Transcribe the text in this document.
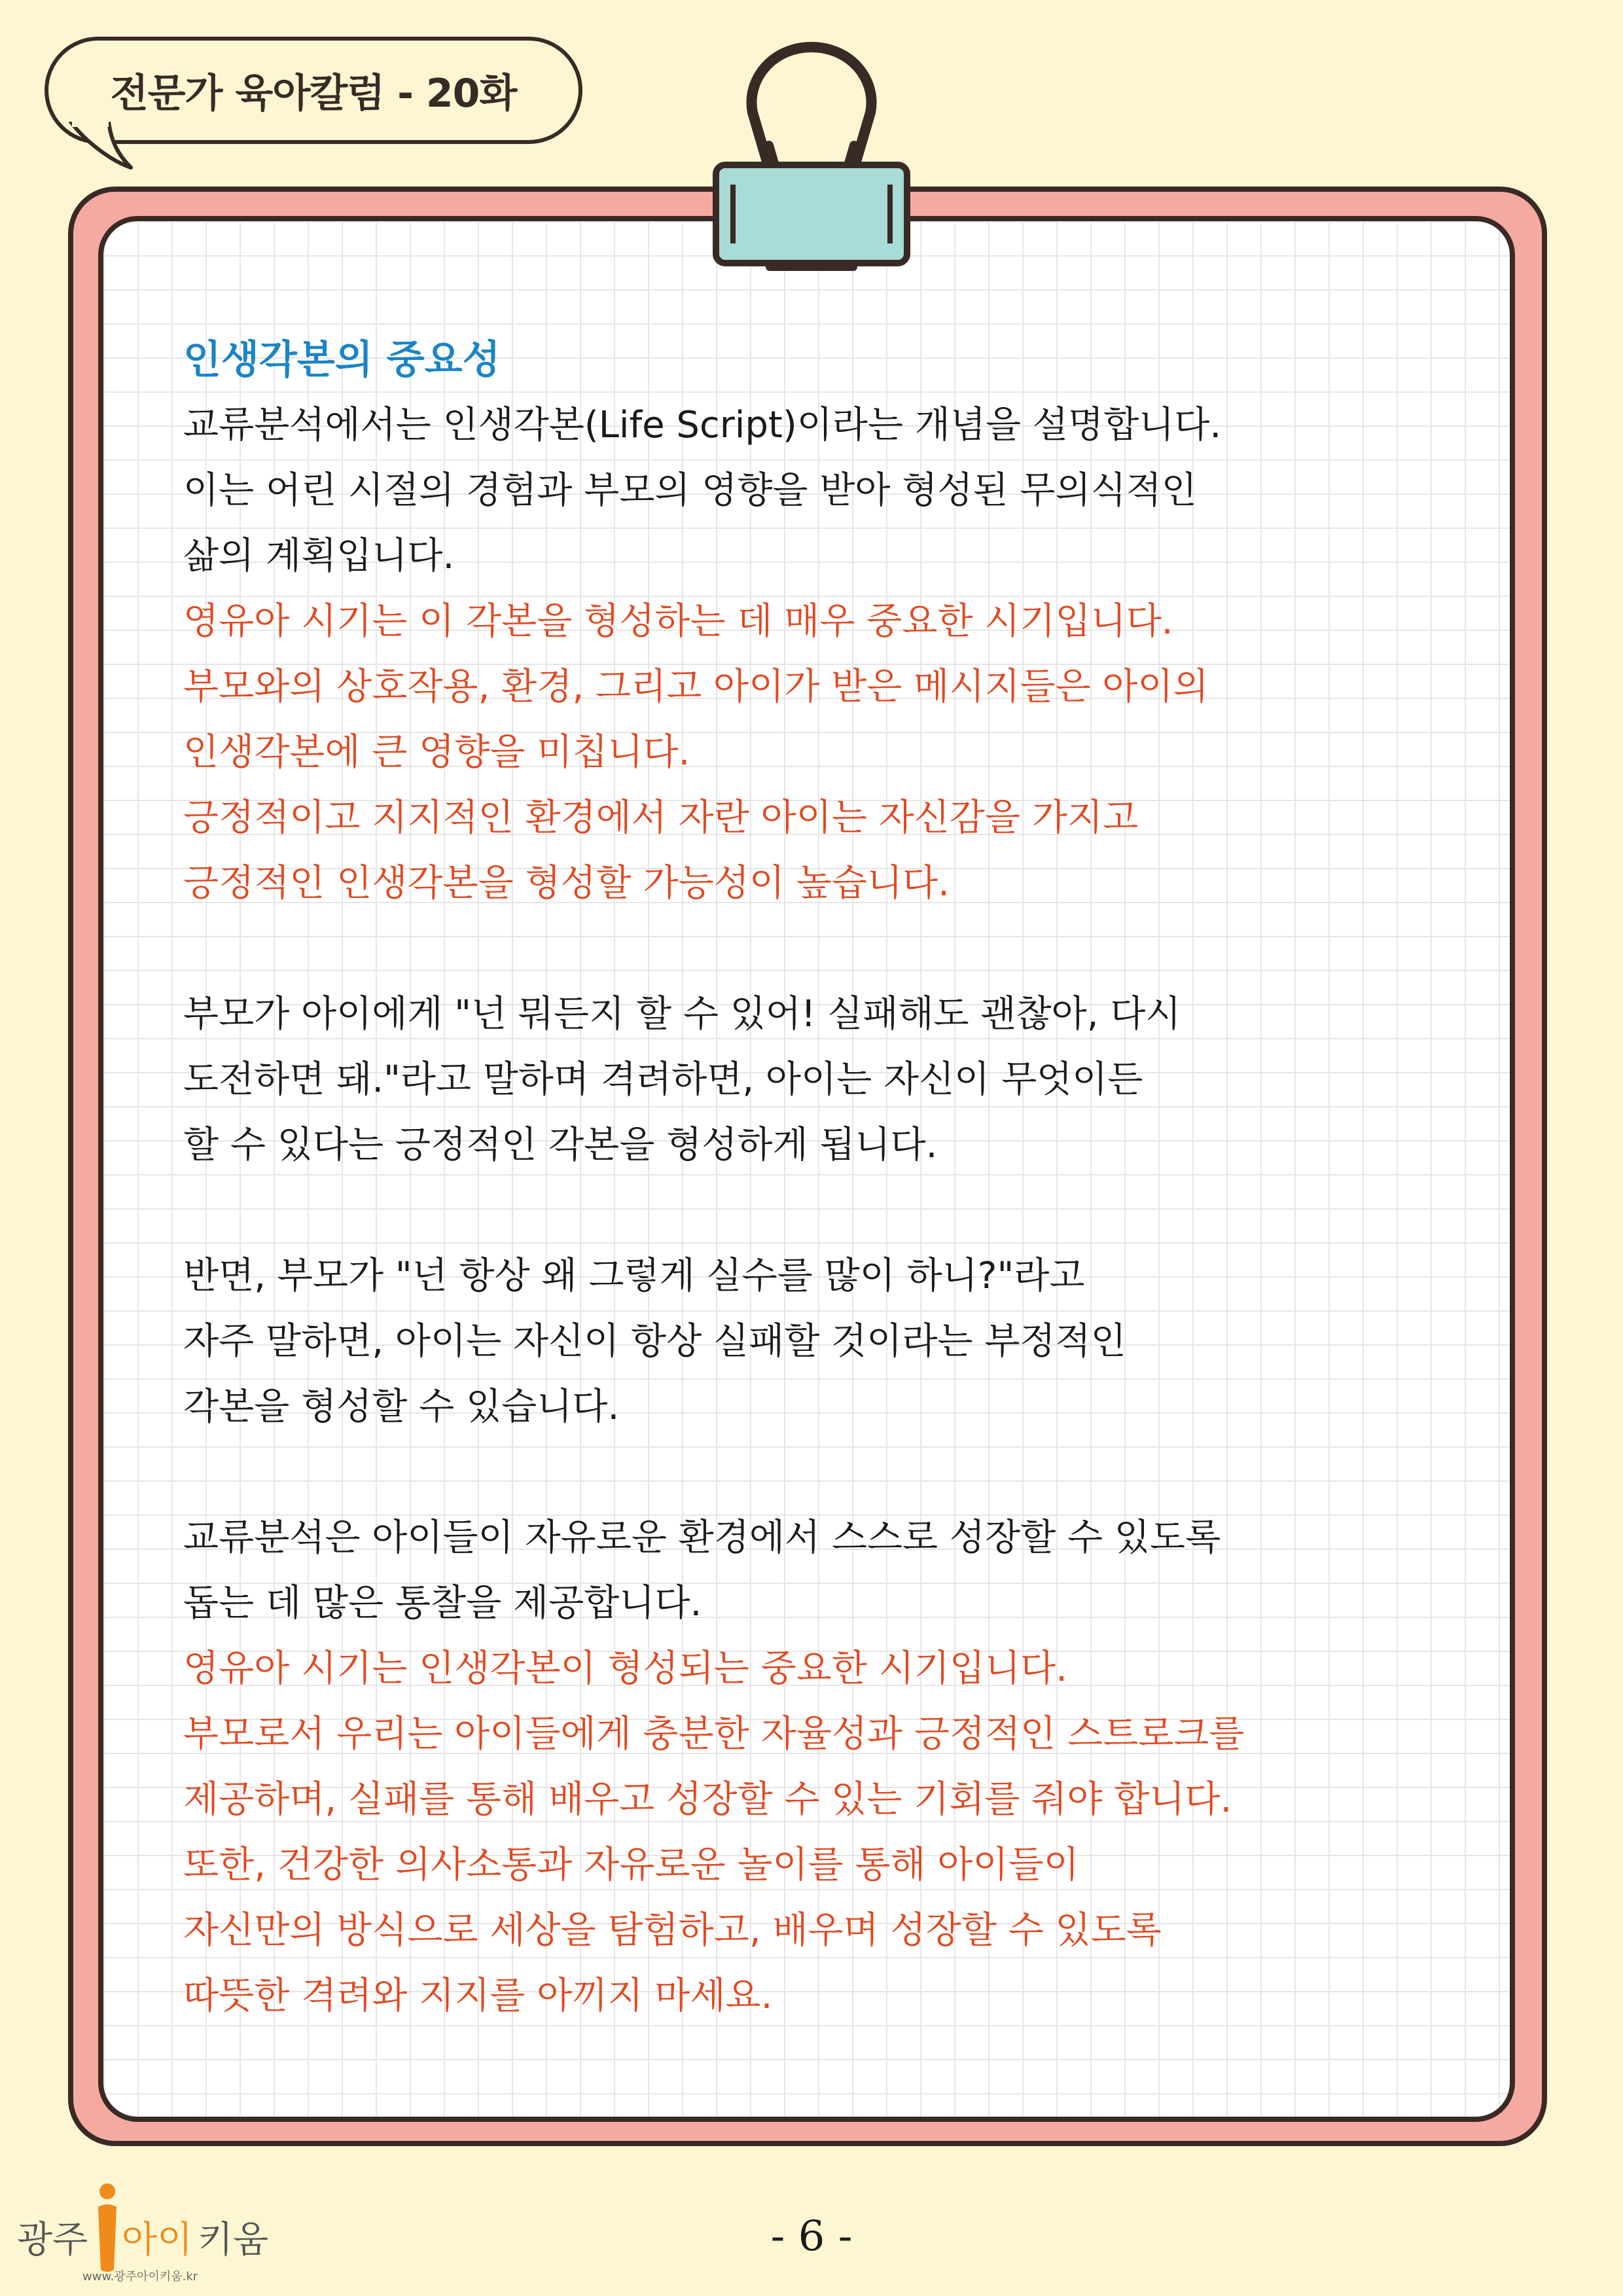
전문가 육아칼럼 - 20화
인생각본의 중요성
교류분석에서는 인생각본(Life Script)이라는 개념을 설명합니다.
이는 어린 시절의 경험과 부모의 영향을 받아 형성된 무의식적인
삶의 계획입니다.
영유아 시기는 이 각본을 형성하는 데 매우 중요한 시기입니다.
부모와의 상호작용, 환경, 그리고 아이가 받은 메시지들은 아이의
인생각본에 큰 영향을 미칩니다.
긍정적이고 지지적인 환경에서 자란 아이는 자신감을 가지고
긍정적인 인생각본을 형성할 가능성이 높습니다.
부모가 아이에게 "넌 뭐든지 할 수 있어! 실패해도 괜찮아, 다시
도전하면 돼."라고 말하며 격려하면, 아이는 자신이 무엇이든
할 수 있다는 긍정적인 각본을 형성하게 됩니다.
반면, 부모가 "넌 항상 왜 그렇게 실수를 많이 하니?"라고
자주 말하면, 아이는 자신이 항상 실패할 것이라는 부정적인
각본을 형성할 수 있습니다.
교류분석은 아이들이 자유로운 환경에서 스스로 성장할 수 있도록
돕는 데 많은 통찰을 제공합니다.
영유아 시기는 인생각본이 형성되는 중요한 시기입니다.
부모로서 우리는 아이들에게 충분한 자율성과 긍정적인 스트로크를
제공하며, 실패를 통해 배우고 성장할 수 있는 기회를 줘야 합니다.
또한, 건강한 의사소통과 자유로운 놀이를 통해 아이들이
자신만의 방식으로 세상을 탐험하고, 배우며 성장할 수 있도록
따뜻한 격려와 지지를 아끼지 마세요.
광주 아이 키움
www.광주아이키움.kr
- 6 -
